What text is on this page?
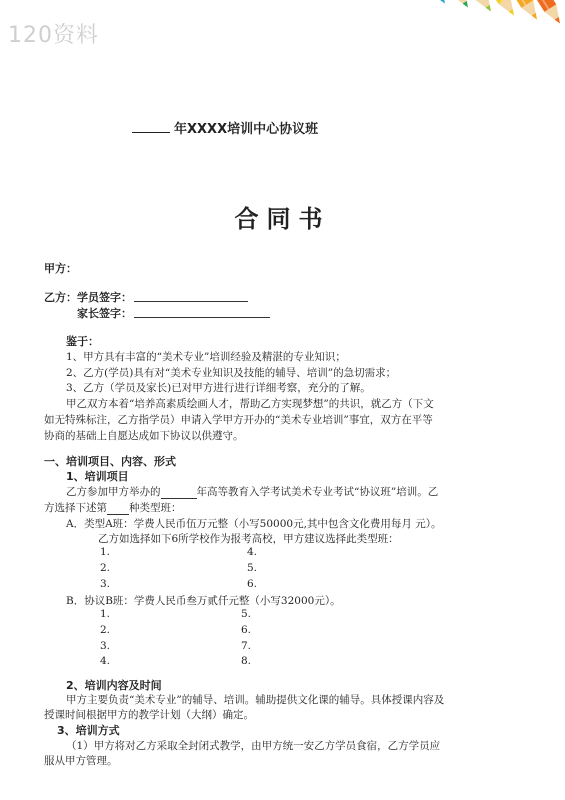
120资料
年XXXX培训中心协议班
合同书
甲方：
乙方： 学员签字：
家长签字：
鉴于：
1、甲方具有丰富的“美术专业”培训经验及精湛的专业知识；
2、乙方(学员)具有对“美术专业知识及技能的辅导、培训”的急切需求；
3、乙方（学员及家长)已对甲方进行进行详细考察，充分的了解。
甲乙双方本着“培养高素质绘画人才，帮助乙方实现梦想”的共识，就乙方（下文
如无特殊标注，乙方指学员）申请入学甲方开办的“美术专业培训”事宜，双方在平等
协商的基础上自愿达成如下协议以供遵守。
一、培训项目、内容、形式
1、培训项目
乙方参加甲方举办的	年高等教育入学考试美术专业考试“协议班”培训。乙
方选择下述第 种类型班：
A．类型A班：学费人民币伍万元整（小写50000元,其中包含文化费用每月 元）。
乙方如选择如下6所学校作为报考高校，甲方建议选择此类型班：
1.
2.
3.
4.
5.
6.
B．协议B班：学费人民币叁万贰仟元整（小写32000元）。
1.
2.
3.
4.
5.
6.
7.
8.
2、培训内容及时间
甲方主要负责“美术专业”的辅导、培训。辅助提供文化课的辅导。具体授课内容及
授课时间根据甲方的教学计划（大纲）确定。
3、培训方式
（1）甲方将对乙方采取全封闭式教学，由甲方统一安乙方学员食宿，乙方学员应
服从甲方管理。
